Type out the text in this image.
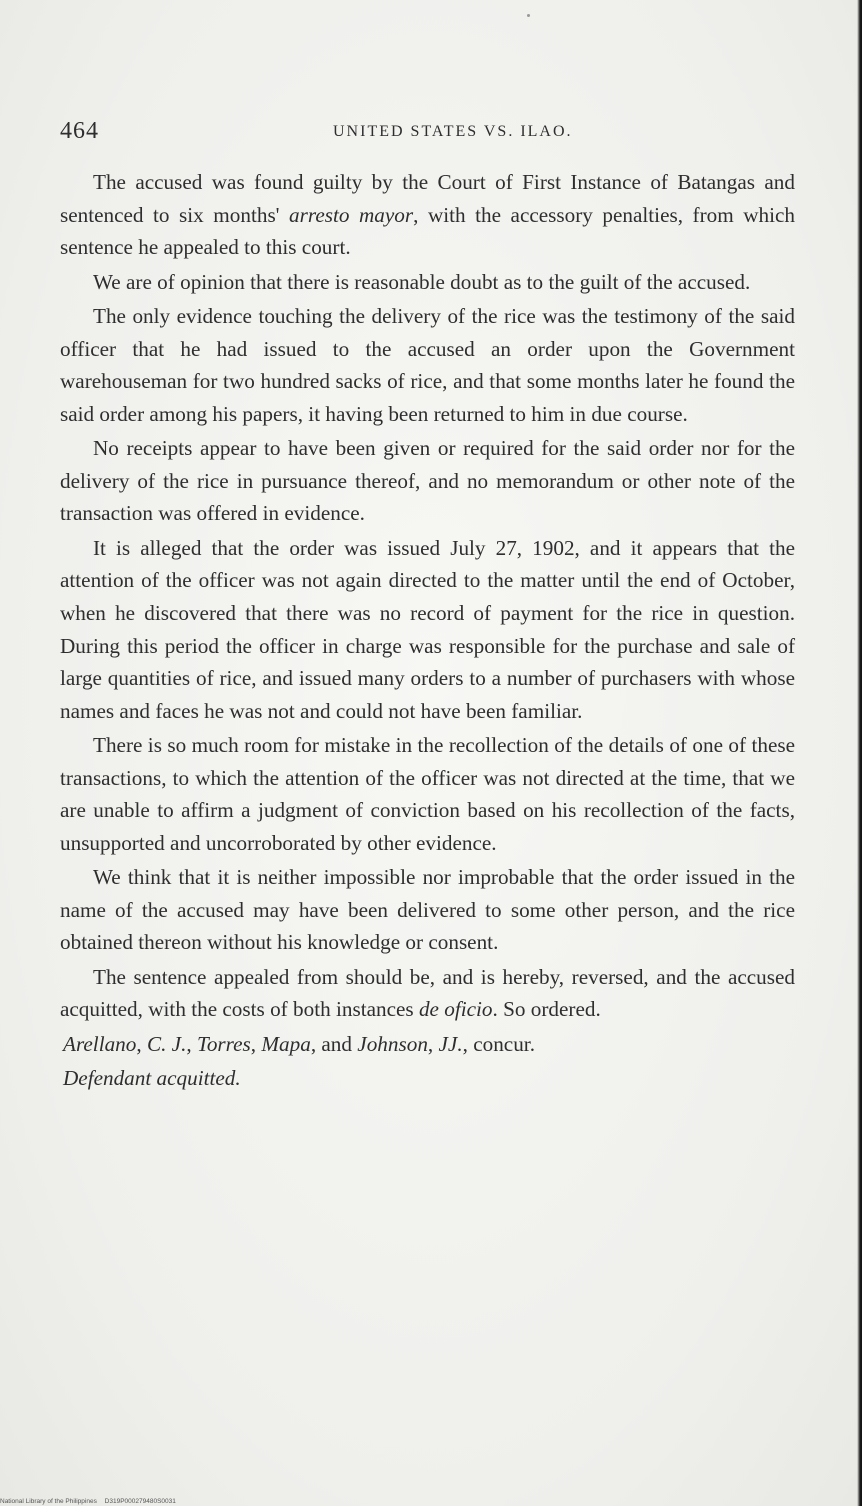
464	UNITED STATES VS. ILAO.

The accused was found guilty by the Court of First Instance of Batangas and sentenced to six months' arresto mayor, with the accessory penalties, from which sentence he appealed to this court.

We are of opinion that there is reasonable doubt as to the guilt of the accused.

The only evidence touching the delivery of the rice was the testimony of the said officer that he had issued to the accused an order upon the Government warehouseman for two hundred sacks of rice, and that some months later he found the said order among his papers, it having been returned to him in due course.

No receipts appear to have been given or required for the said order nor for the delivery of the rice in pursuance thereof, and no memorandum or other note of the transaction was offered in evidence.

It is alleged that the order was issued July 27, 1902, and it appears that the attention of the officer was not again directed to the matter until the end of October, when he discovered that there was no record of payment for the rice in question. During this period the officer in charge was responsible for the purchase and sale of large quantities of rice, and issued many orders to a number of purchasers with whose names and faces he was not and could not have been familiar.

There is so much room for mistake in the recollection of the details of one of these transactions, to which the attention of the officer was not directed at the time, that we are unable to affirm a judgment of conviction based on his recollection of the facts, unsupported and uncorroborated by other evidence.

We think that it is neither impossible nor improbable that the order issued in the name of the accused may have been delivered to some other person, and the rice obtained thereon without his knowledge or consent.

The sentence appealed from should be, and is hereby, reversed, and the accused acquitted, with the costs of both instances de oficio. So ordered.

Arellano, C. J., Torres, Mapa, and Johnson, JJ., concur.

Defendant acquitted.

National Library of the Philippines D319P000279480S0031
